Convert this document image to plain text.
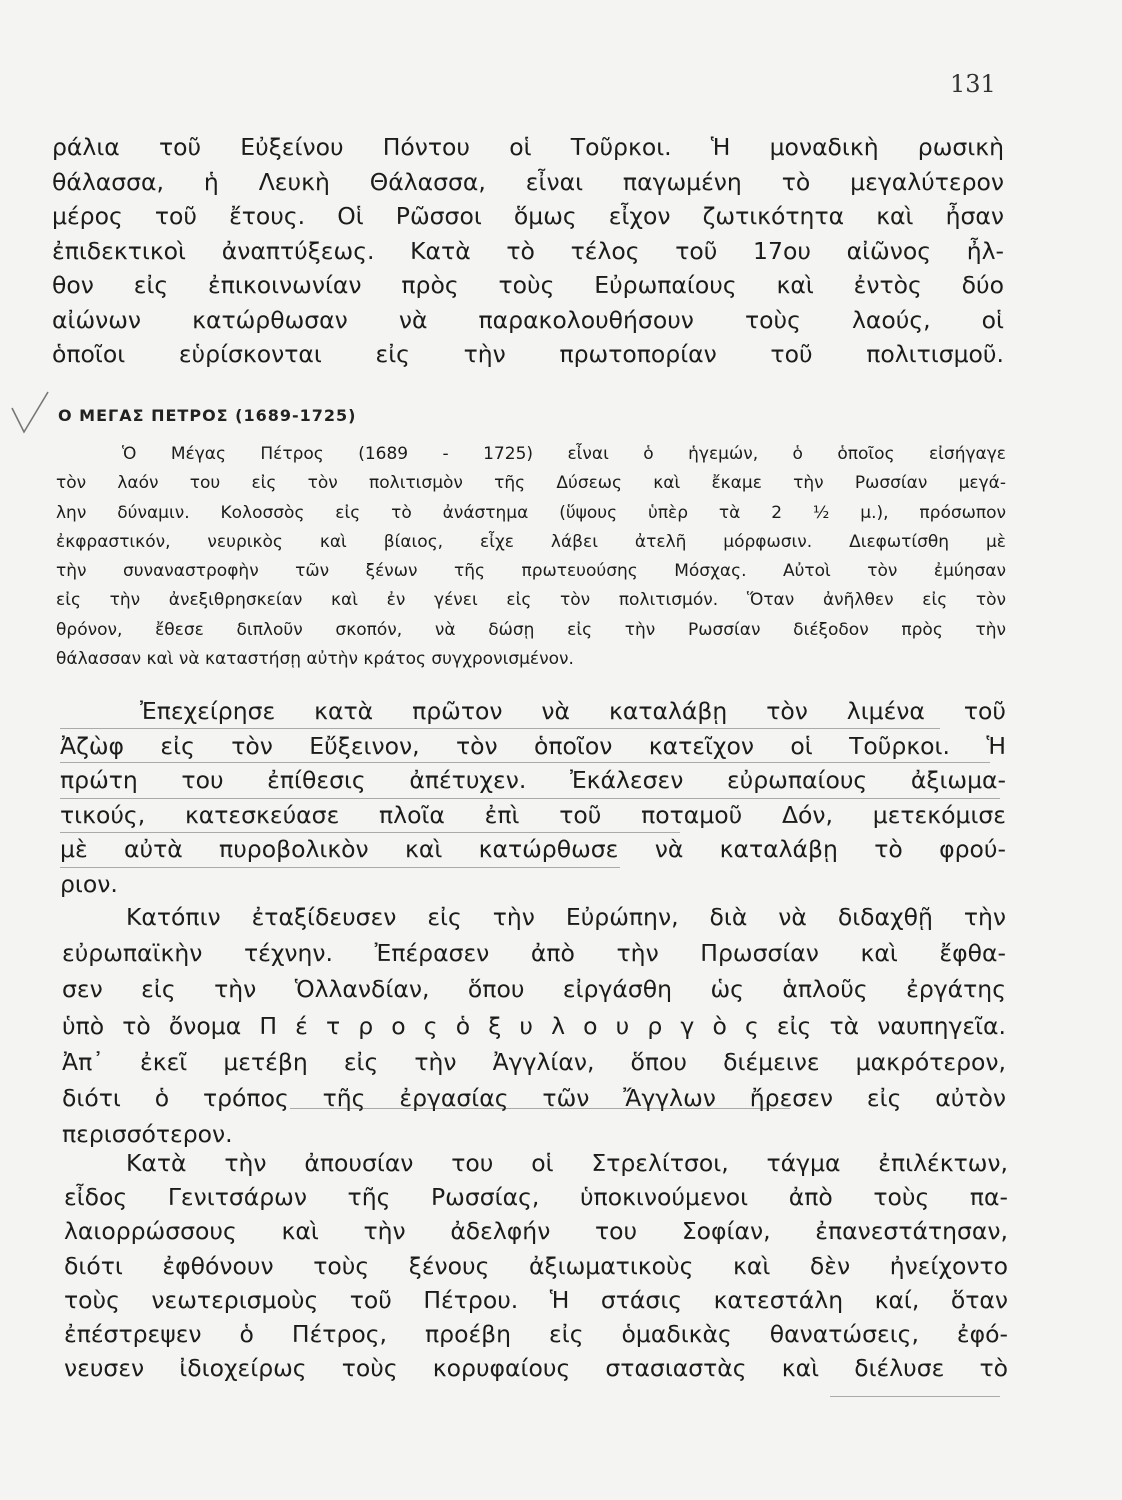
131
ράλια τοῦ Εὐξείνου Πόντου οἱ Τοῦρκοι. Ἡ μοναδικὴ ρωσικὴ
θάλασσα, ἡ Λευκὴ Θάλασσα, εἶναι παγωμένη τὸ μεγαλύτερον
μέρος τοῦ ἔτους. Οἱ Ρῶσσοι ὅμως εἶχον ζωτικότητα καὶ ἦσαν
ἐπιδεκτικοὶ ἀναπτύξεως. Κατὰ τὸ τέλος τοῦ 17ου αἰῶνος ἦλ-
θον εἰς ἐπικοινωνίαν πρὸς τοὺς Εὐρωπαίους καὶ ἐντὸς δύο
αἰώνων κατώρθωσαν νὰ παρακολουθήσουν τοὺς λαούς, οἱ
ὁποῖοι εὑρίσκονται εἰς τὴν πρωτοπορίαν τοῦ πολιτισμοῦ.
Ο ΜΕΓΑΣ ΠΕΤΡΟΣ (1689-1725)
Ὁ Μέγας Πέτρος (1689 - 1725) εἶναι ὁ ἡγεμών, ὁ ὁποῖος εἰσήγαγε
τὸν λαόν του εἰς τὸν πολιτισμὸν τῆς Δύσεως καὶ ἔκαμε τὴν Ρωσσίαν μεγά-
λην δύναμιν. Κολοσσὸς εἰς τὸ ἀνάστημα (ὕψους ὑπὲρ τὰ 2 ½ μ.), πρόσωπον
ἐκφραστικόν, νευρικὸς καὶ βίαιος, εἶχε λάβει ἀτελῆ μόρφωσιν. Διεφωτίσθη μὲ
τὴν συναναστροφὴν τῶν ξένων τῆς πρωτευούσης Μόσχας. Αὐτοὶ τὸν ἐμύησαν
εἰς τὴν ἀνεξιθρησκείαν καὶ ἐν γένει εἰς τὸν πολιτισμόν. Ὅταν ἀνῆλθεν εἰς τὸν
θρόνον, ἔθεσε διπλοῦν σκοπόν, νὰ δώσῃ εἰς τὴν Ρωσσίαν διέξοδον πρὸς τὴν
θάλασσαν καὶ νὰ καταστήσῃ αὐτὴν κράτος συγχρονισμένον.
Ἐπεχείρησε κατὰ πρῶτον νὰ καταλάβῃ τὸν λιμένα τοῦ
Ἀζὼφ εἰς τὸν Εὔξεινον, τὸν ὁποῖον κατεῖχον οἱ Τοῦρκοι. Ἡ
πρώτη του ἐπίθεσις ἀπέτυχεν. Ἐκάλεσεν εὐρωπαίους ἀξιωμα-
τικούς, κατεσκεύασε πλοῖα ἐπὶ τοῦ ποταμοῦ Δόν, μετεκόμισε
μὲ αὐτὰ πυροβολικὸν καὶ κατώρθωσε νὰ καταλάβῃ τὸ φρού-
ριον.
Κατόπιν ἐταξίδευσεν εἰς τὴν Εὐρώπην, διὰ νὰ διδαχθῇ τὴν
εὐρωπαϊκὴν τέχνην. Ἐπέρασεν ἀπὸ τὴν Πρωσσίαν καὶ ἔφθα-
σεν εἰς τὴν Ὁλλανδίαν, ὅπου εἰργάσθη ὡς ἁπλοῦς ἐργάτης
ὑπὸ τὸ ὄνομα Π έ τ ρ ο ς ὁ ξ υ λ ο υ ρ γ ὸ ς εἰς τὰ ναυπηγεῖα.
Ἀπ᾽ ἐκεῖ μετέβη εἰς τὴν Ἀγγλίαν, ὅπου διέμεινε μακρότερον,
διότι ὁ τρόπος τῆς ἐργασίας τῶν Ἄγγλων ἤρεσεν εἰς αὐτὸν
περισσότερον.
Κατὰ τὴν ἀπουσίαν του οἱ Στρελίτσοι, τάγμα ἐπιλέκτων,
εἶδος Γενιτσάρων τῆς Ρωσσίας, ὑποκινούμενοι ἀπὸ τοὺς πα-
λαιορρώσσους καὶ τὴν ἀδελφήν του Σοφίαν, ἐπανεστάτησαν,
διότι ἐφθόνουν τοὺς ξένους ἀξιωματικοὺς καὶ δὲν ἠνείχοντο
τοὺς νεωτερισμοὺς τοῦ Πέτρου. Ἡ στάσις κατεστάλη καί, ὅταν
ἐπέστρεψεν ὁ Πέτρος, προέβη εἰς ὁμαδικὰς θανατώσεις, ἐφό-
νευσεν ἰδιοχείρως τοὺς κορυφαίους στασιαστὰς καὶ διέλυσε τὸ
